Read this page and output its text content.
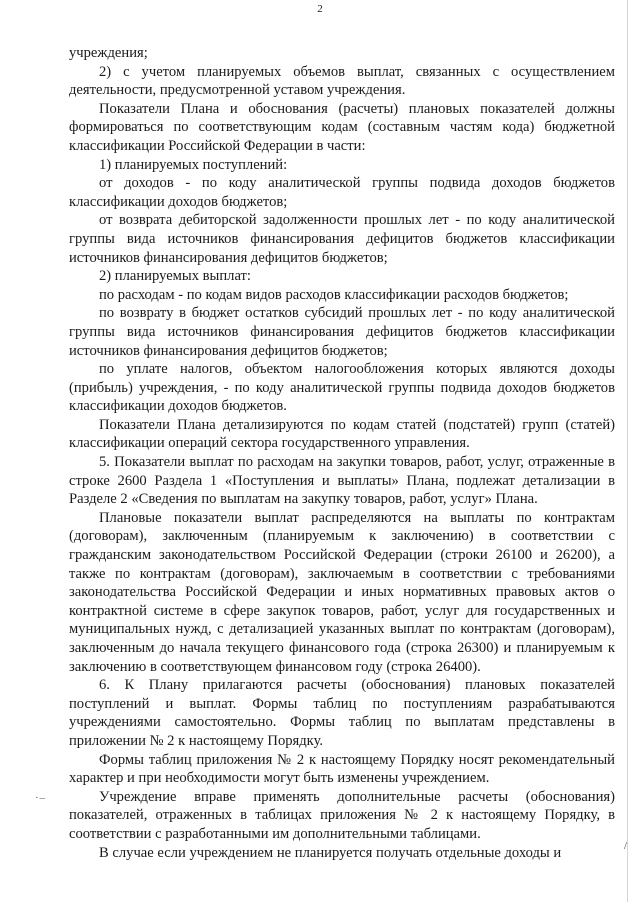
2

учреждения;

2) с учетом планируемых объемов выплат, связанных с осуществлением деятельности, предусмотренной уставом учреждения.

Показатели Плана и обоснования (расчеты) плановых показателей должны формироваться по соответствующим кодам (составным частям кода) бюджетной классификации Российской Федерации в части:

1) планируемых поступлений:

от доходов - по коду аналитической группы подвида доходов бюджетов классификации доходов бюджетов;

от возврата дебиторской задолженности прошлых лет - по коду аналитической группы вида источников финансирования дефицитов бюджетов классификации источников финансирования дефицитов бюджетов;

2) планируемых выплат:

по расходам - по кодам видов расходов классификации расходов бюджетов;

по возврату в бюджет остатков субсидий прошлых лет - по коду аналитической группы вида источников финансирования дефицитов бюджетов классификации источников финансирования дефицитов бюджетов;

по уплате налогов, объектом налогообложения которых являются доходы (прибыль) учреждения, - по коду аналитической группы подвида доходов бюджетов классификации доходов бюджетов.

Показатели Плана детализируются по кодам статей (подстатей) групп (статей) классификации операций сектора государственного управления.

5. Показатели выплат по расходам на закупки товаров, работ, услуг, отраженные в строке 2600 Раздела 1 «Поступления и выплаты» Плана, подлежат детализации в Разделе 2 «Сведения по выплатам на закупку товаров, работ, услуг» Плана.

Плановые показатели выплат распределяются на выплаты по контрактам (договорам), заключенным (планируемым к заключению) в соответствии с гражданским законодательством Российской Федерации (строки 26100 и 26200), а также по контрактам (договорам), заключаемым в соответствии с требованиями законодательства Российской Федерации и иных нормативных правовых актов о контрактной системе в сфере закупок товаров, работ, услуг для государственных и муниципальных нужд, с детализацией указанных выплат по контрактам (договорам), заключенным до начала текущего финансового года (строка 26300) и планируемым к заключению в соответствующем финансовом году (строка 26400).

6. К Плану прилагаются расчеты (обоснования) плановых показателей поступлений и выплат. Формы таблиц по поступлениям разрабатываются учреждениями самостоятельно. Формы таблиц по выплатам представлены в приложении № 2 к настоящему Порядку.

Формы таблиц приложения № 2 к настоящему Порядку носят рекомендательный характер и при необходимости могут быть изменены учреждением.

Учреждение вправе применять дополнительные расчеты (обоснования) показателей, отраженных в таблицах приложения № 2 к настоящему Порядку, в соответствии с разработанными им дополнительными таблицами.

В случае если учреждением не планируется получать отдельные доходы и

·–
/
